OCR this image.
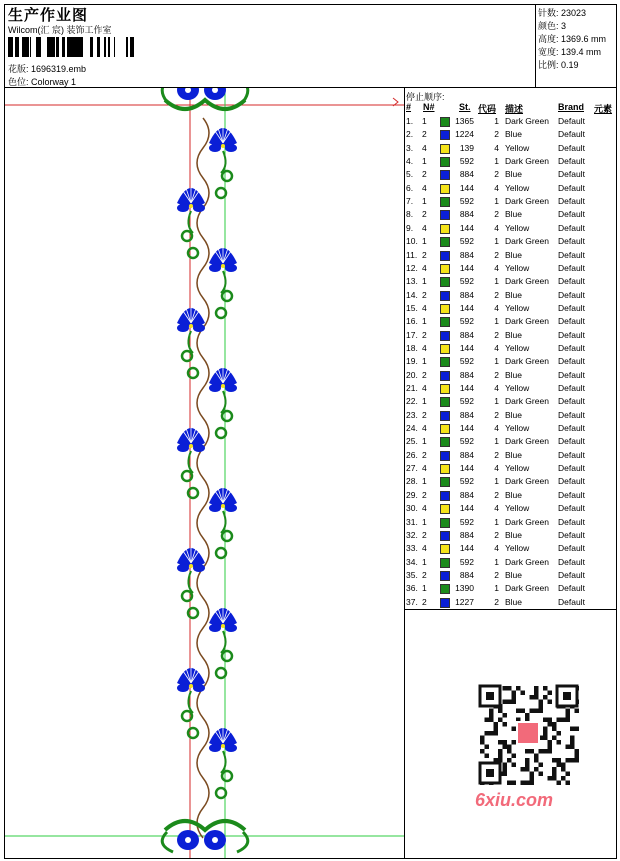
生产作业图
Wilcom(汇 宸) 装饰工作室
花版: 1696319.emb
色位: Colorway 1
针数: 23023
颜色: 3
高度: 1369.6 mm
宽度: 139.4 mm
比例: 0.19
停止顺序:
# N#	St. 代码 描述	Brand 元素
1. 1	1365	1 Dark Green Default
2. 2	1224	2 Blue	Default
3. 4	139	4 Yellow	Default
4. 1	592	1 Dark Green Default
5. 2	884	2 Blue	Default
6. 4	144	4 Yellow	Default
7. 1	592	1 Dark Green Default
8. 2	884	2 Blue	Default
9. 4	144	4 Yellow	Default
10. 1	592	1 Dark Green Default
11. 2	884	2 Blue	Default
12. 4	144	4 Yellow	Default
13. 1	592	1 Dark Green Default
14. 2	884	2 Blue	Default
15. 4	144	4 Yellow	Default
16. 1	592	1 Dark Green Default
17. 2	884	2 Blue	Default
18. 4	144	4 Yellow	Default
19. 1	592	1 Dark Green Default
20. 2	884	2 Blue	Default
21. 4	144	4 Yellow	Default
22. 1	592	1 Dark Green Default
23. 2	884	2 Blue	Default
24. 4	144	4 Yellow	Default
25. 1	592	1 Dark Green Default
26. 2	884	2 Blue	Default
27. 4	144	4 Yellow	Default
28. 1	592	1 Dark Green Default
29. 2	884	2 Blue	Default
30. 4	144	4 Yellow	Default
31. 1	592	1 Dark Green Default
32. 2	884	2 Blue	Default
33. 4	144	4 Yellow	Default
34. 1	592	1 Dark Green Default
35. 2	884	2 Blue	Default
36. 1	1390	1 Dark Green Default
37. 2	1227	2 Blue	Default
6xiu.com
